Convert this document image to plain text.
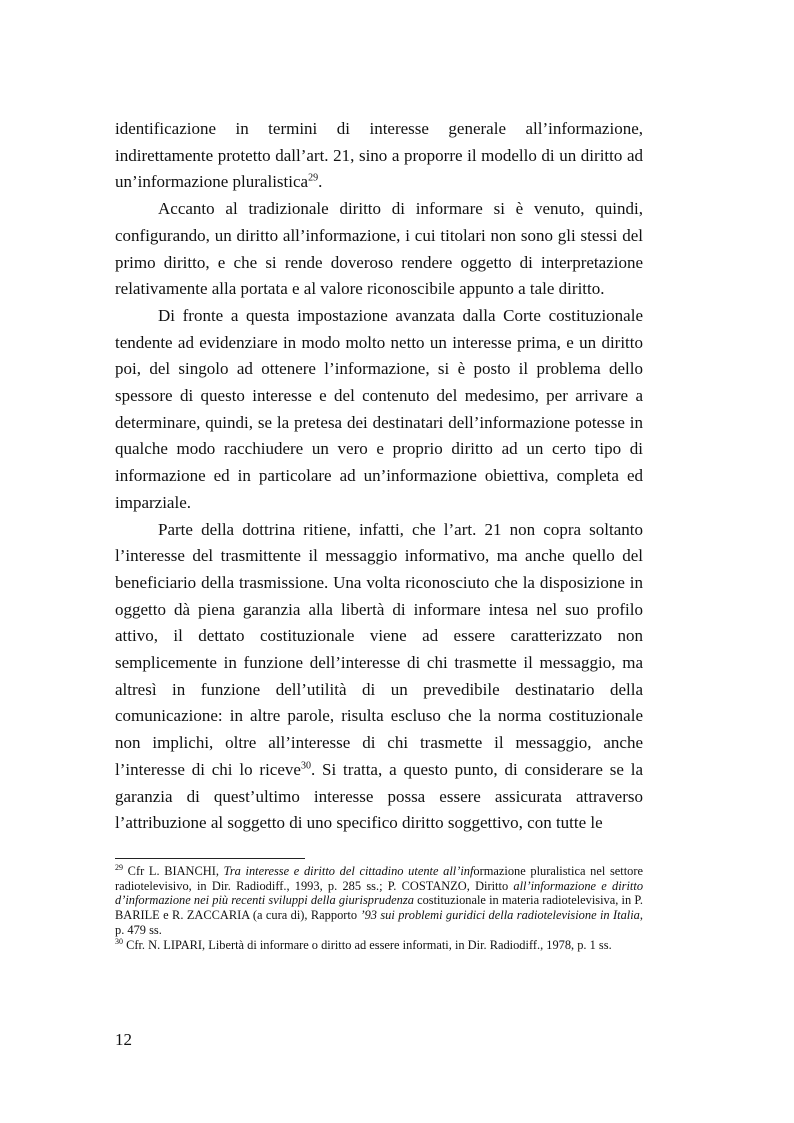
identificazione in termini di interesse generale all’informazione, indirettamente protetto dall’art. 21, sino a proporre il modello di un diritto ad un’informazione pluralistica$^{29}$.

Accanto al tradizionale diritto di informare si è venuto, quindi, configurando, un diritto all’informazione, i cui titolari non sono gli stessi del primo diritto, e che si rende doveroso rendere oggetto di interpretazione relativamente alla portata e al valore riconoscibile appunto a tale diritto.

Di fronte a questa impostazione avanzata dalla Corte costituzionale tendente ad evidenziare in modo molto netto un interesse prima, e un diritto poi, del singolo ad ottenere l’informazione, si è posto il problema dello spessore di questo interesse e del contenuto del medesimo, per arrivare a determinare, quindi, se la pretesa dei destinatari dell’informazione potesse in qualche modo racchiudere un vero e proprio diritto ad un certo tipo di informazione ed in particolare ad un’informazione obiettiva, completa ed imparziale.

Parte della dottrina ritiene, infatti, che l’art. 21 non copra soltanto l’interesse del trasmittente il messaggio informativo, ma anche quello del beneficiario della trasmissione. Una volta riconosciuto che la disposizione in oggetto dà piena garanzia alla libertà di informare intesa nel suo profilo attivo, il dettato costituzionale viene ad essere caratterizzato non semplicemente in funzione dell’interesse di chi trasmette il messaggio, ma altresì in funzione dell’utilità di un prevedibile destinatario della comunicazione: in altre parole, risulta escluso che la norma costituzionale non implichi, oltre all’interesse di chi trasmette il messaggio, anche l’interesse di chi lo riceve$^{30}$. Si tratta, a questo punto, di considerare se la garanzia di quest’ultimo interesse possa essere assicurata attraverso l’attribuzione al soggetto di uno specifico diritto soggettivo, con tutte le

$^{29}$ Cfr L. BIANCHI, Tra interesse e diritto del cittadino utente all’informazione pluralistica nel settore radiotelevisivo, in Dir. Radiodiff., 1993, p. 285 ss.; P. COSTANZO, Diritto all’informazione e diritto d’informazione nei più recenti sviluppi della giurisprudenza costituzionale in materia radiotelevisiva, in P. BARILE e R. ZACCARIA (a cura di), Rapporto ’93 sui problemi guridici della radiotelevisione in Italia, p. 479 ss.

$^{30}$ Cfr. N. LIPARI, Libertà di informare o diritto ad essere informati, in Dir. Radiodiff., 1978, p. 1 ss.

12
